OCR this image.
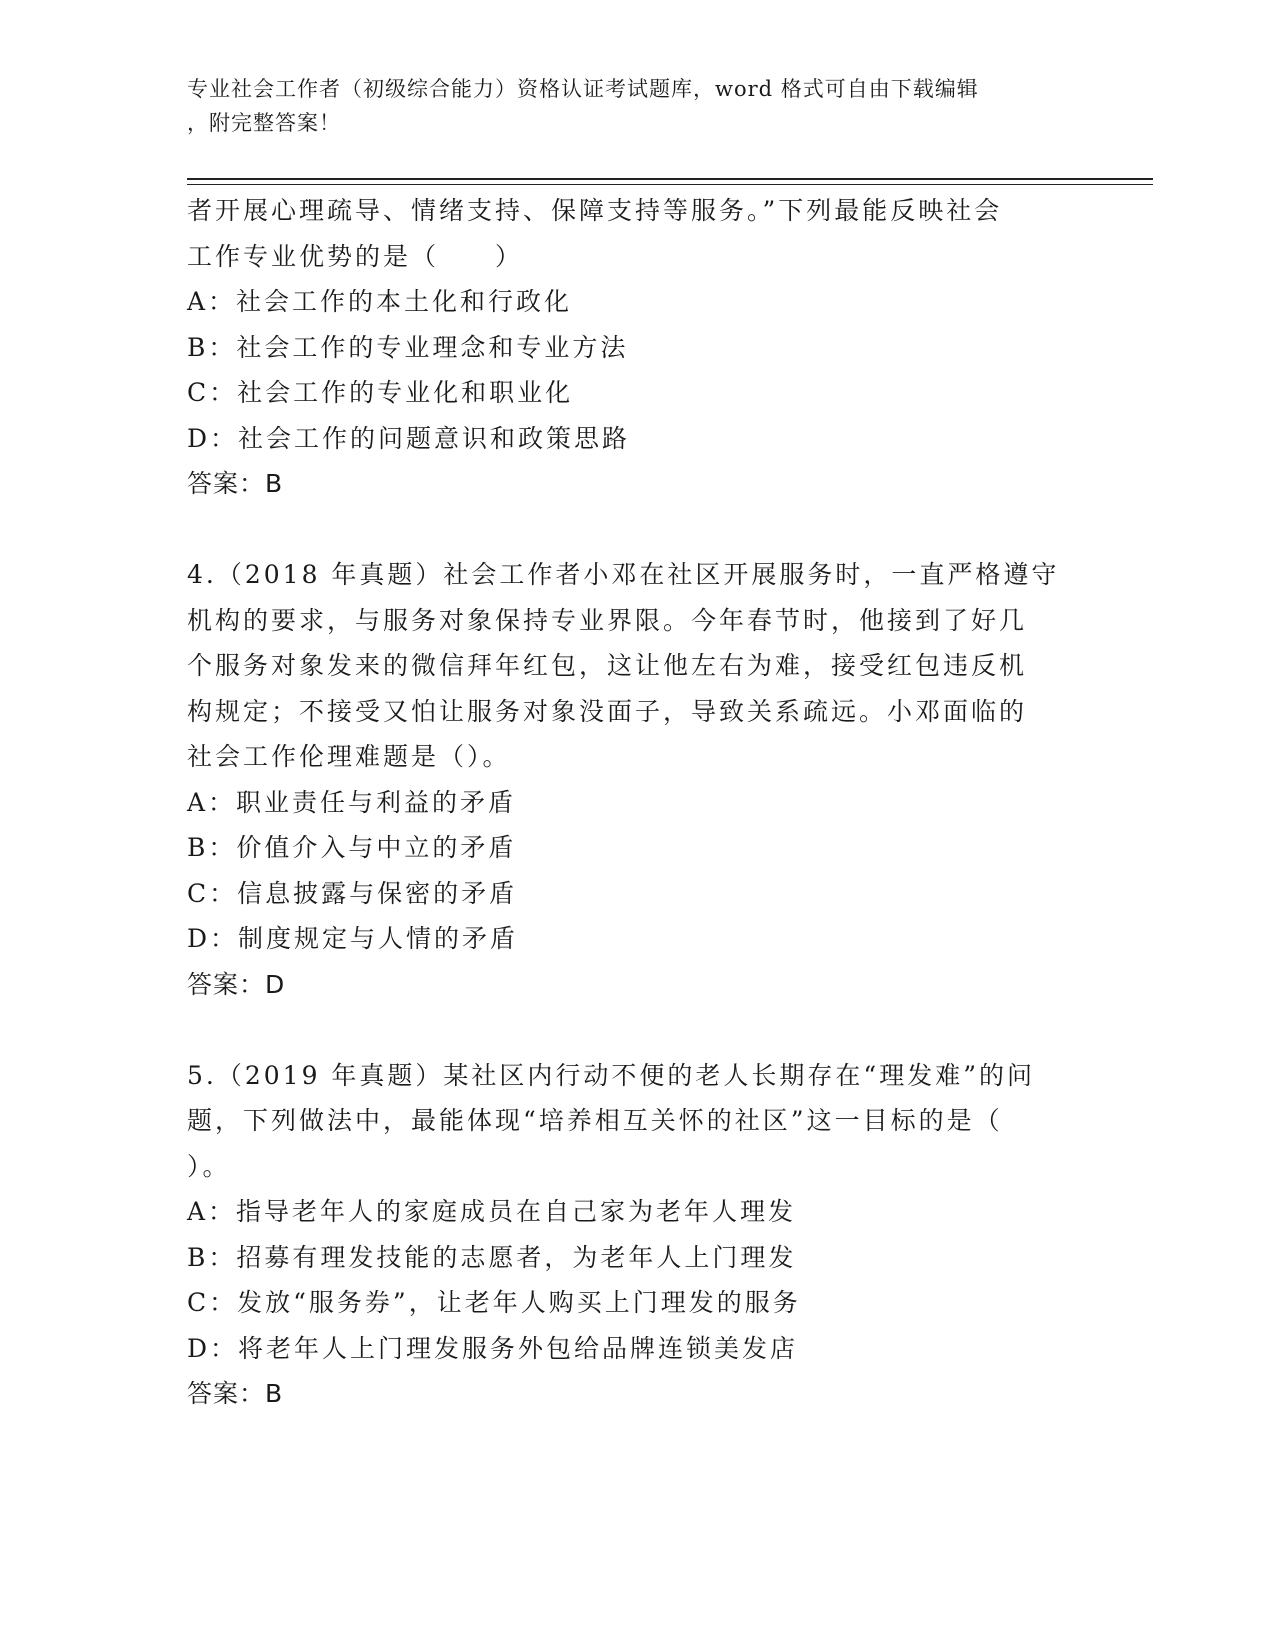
专业社会工作者（初级综合能力）资格认证考试题库，word 格式可自由下载编辑
，附完整答案！
者开展心理疏导、情绪支持、保障支持等服务。”下列最能反映社会
工作专业优势的是（　　）
A：社会工作的本土化和行政化
B：社会工作的专业理念和专业方法
C：社会工作的专业化和职业化
D：社会工作的问题意识和政策思路
答案：B
4.（2018 年真题）社会工作者小邓在社区开展服务时，一直严格遵守
机构的要求，与服务对象保持专业界限。今年春节时，他接到了好几
个服务对象发来的微信拜年红包，这让他左右为难，接受红包违反机
构规定；不接受又怕让服务对象没面子，导致关系疏远。小邓面临的
社会工作伦理难题是（）。
A：职业责任与利益的矛盾
B：价值介入与中立的矛盾
C：信息披露与保密的矛盾
D：制度规定与人情的矛盾
答案：D
5.（2019 年真题）某社区内行动不便的老人长期存在“理发难”的问
题，下列做法中，最能体现“培养相互关怀的社区”这一目标的是（
）。
A：指导老年人的家庭成员在自己家为老年人理发
B：招募有理发技能的志愿者，为老年人上门理发
C：发放“服务券”，让老年人购买上门理发的服务
D：将老年人上门理发服务外包给品牌连锁美发店
答案：B
